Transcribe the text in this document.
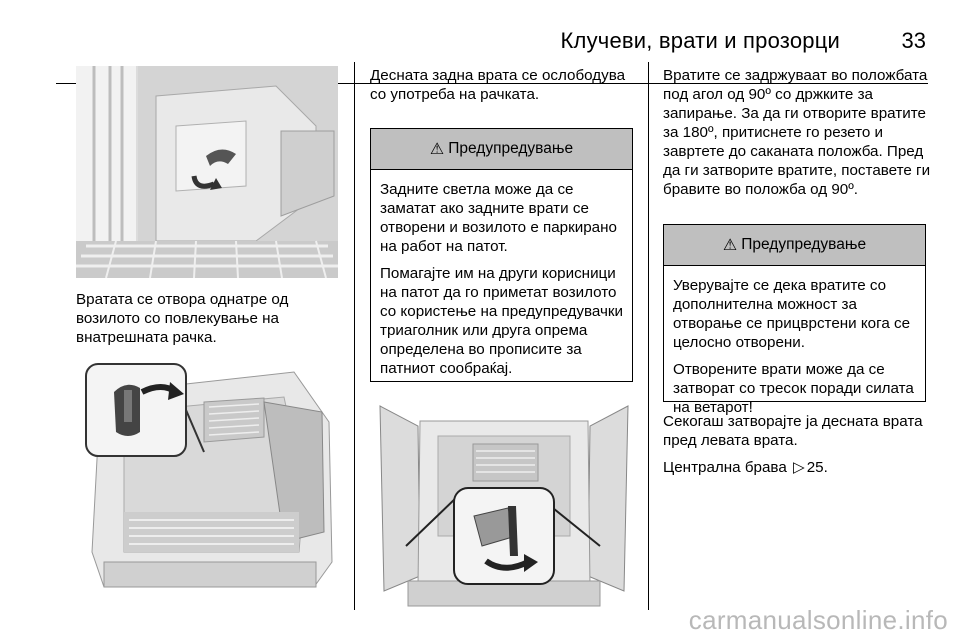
Клучеви, врати и прозорци	33

Вратата се отвора однатре од возилото со повлекување на внатрешната рачка.

Десната задна врата се ослободува со употреба на рачката.

⚠ Предупредување

Задните светла може да се заматат ако задните врати се отворени и возилото е паркирано на работ на патот.

Помагајте им на други корисници на патот да го приметат возилото со користење на предупредувачки триаголник или друга опрема определена во прописите за патниот сообраќај.

Вратите се задржуваат во положбата под агол од 90º со држките за запирање. За да ги отворите вратите за 180º, притиснете го резето и завртете до саканата положба. Пред да ги затворите вратите, поставете ги бравите во положба од 90º.

⚠ Предупредување

Уверувајте се дека вратите со дополнителна можност за отворање се прицврстени кога се целосно отворени.

Отворените врати може да се затворат со тресок поради силата на ветарот!

Секогаш затворајте ја десната врата пред левата врата.

Централна брава ▷ 25.

carmanualsonline.info
